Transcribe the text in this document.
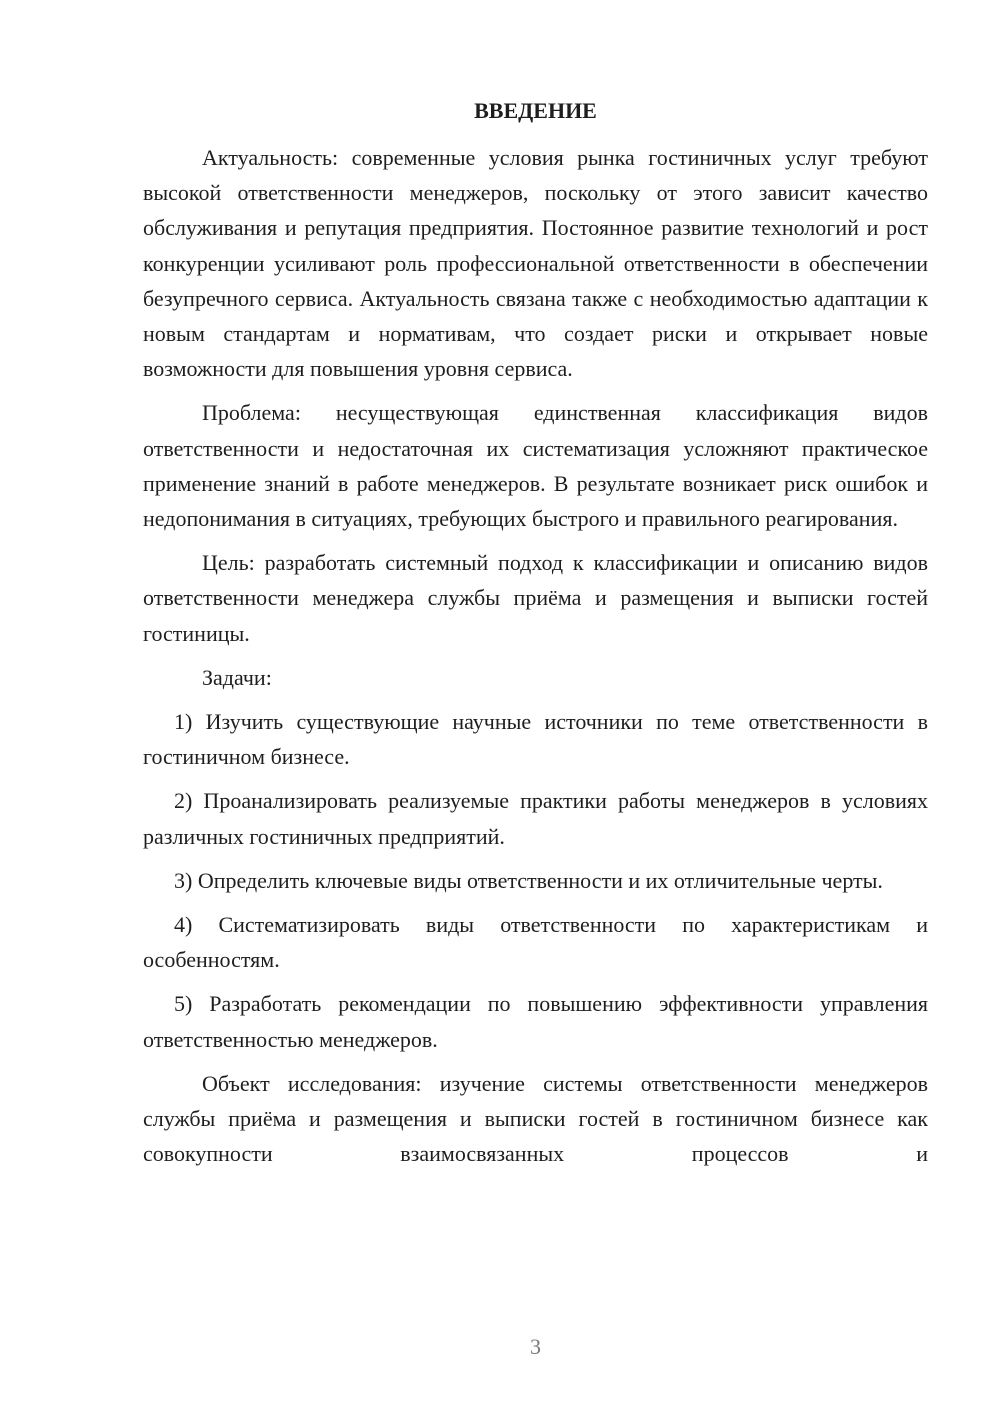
ВВЕДЕНИЕ

Актуальность: современные условия рынка гостиничных услуг требуют высокой ответственности менеджеров, поскольку от этого зависит качество обслуживания и репутация предприятия. Постоянное развитие технологий и рост конкуренции усиливают роль профессиональной ответственности в обеспечении безупречного сервиса. Актуальность связана также с необходимостью адаптации к новым стандартам и нормативам, что создает риски и открывает новые возможности для повышения уровня сервиса.

Проблема: несуществующая единственная классификация видов ответственности и недостаточная их систематизация усложняют практическое применение знаний в работе менеджеров. В результате возникает риск ошибок и недопонимания в ситуациях, требующих быстрого и правильного реагирования.

Цель: разработать системный подход к классификации и описанию видов ответственности менеджера службы приёма и размещения и выписки гостей гостиницы.

Задачи:

1) Изучить существующие научные источники по теме ответственности в гостиничном бизнесе.

2) Проанализировать реализуемые практики работы менеджеров в условиях различных гостиничных предприятий.

3) Определить ключевые виды ответственности и их отличительные черты.

4) Систематизировать виды ответственности по характеристикам и особенностям.

5) Разработать рекомендации по повышению эффективности управления ответственностью менеджеров.

Объект исследования: изучение системы ответственности менеджеров службы приёма и размещения и выписки гостей в гостиничном бизнесе как совокупности взаимосвязанных процессов и

3
